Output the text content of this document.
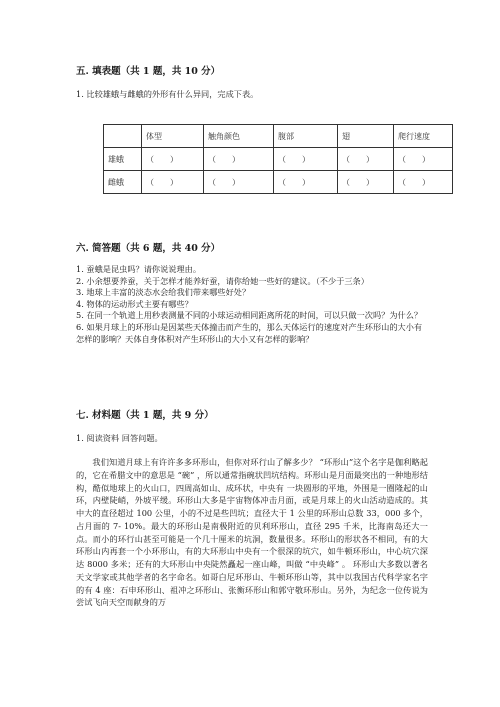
五. 填表题（共 1 题，共 10 分）
1. 比较雄蛾与雌蛾的外形有什么异同，完成下表。
	体型	触角颜色	腹部	翅	爬行速度
雄蛾	（　　）	（　　）	（　　）	（　　）	（　　）
雌蛾	（　　）	（　　）	（　　）	（　　）	（　　）
六. 简答题（共 6 题，共 40 分）
1. 蚕蛾是昆虫吗？请你说说理由。
2. 小余想要养蚕，关于怎样才能养好蚕，请你给她一些好的建议。（不少于三条）
3. 地球上丰富的淡态水会给我们带来哪些好处？
4. 物体的运动形式主要有哪些？
5. 在同一个轨道上用秒表测量不同的小球运动相同距离所花的时间，可以只做一次吗？为什么？
6. 如果月球上的环形山是因某些天体撞击而产生的，那么天体运行的速度对产生环形山的大小有怎样的影响？天体自身体积对产生环形山的大小又有怎样的影响？
七. 材料题（共 1 题，共 9 分）
1. 阅读资料 回答问题。
我们知道月球上有许许多多环形山，但你对环行山了解多少？ “环形山”这个名字是伽利略起的，它在希腊文中的意思是 “碗” ，所以通常指碗状凹坑结构。环形山是月面最突出的一种地形结构，酷似地球上的火山口，四周高如山、成环状，中央有 一块圆形的平地，外围是一圈隆起的山环，内壁陡峭，外坡平缓。环形山大多是宇宙物体冲击月面，或是月球上的火山活动造成的。其中大的直径超过 100 公里，小的不过是些凹坑；直径大于 1 公里的环形山总数 33，000 多个，占月面的 7- 10%。最大的环形山是南极附近的贝利环形山，直径 295 千米，比海南岛还大一点。而小的环行山甚至可能是一个几十厘米的坑洞，数量很多。环形山的形状各不相同，有的大环形山内再套一个小环形山，有的大环形山中央有一个很深的坑穴，如牛顿环形山，中心坑穴深达 8000 多米；还有的大环形山中央陡然矗起一座山峰，叫做 “中央峰” 。 环形山大多数以著名天文学家或其他学者的名字命名。如哥白尼环形山、牛顿环形山等，其中以我国古代科学家名字的有 4 座：石申环形山、祖冲之环形山、张衡环形山和郭守敬环形山。另外，为纪念一位传说为尝试飞向天空而献身的万
